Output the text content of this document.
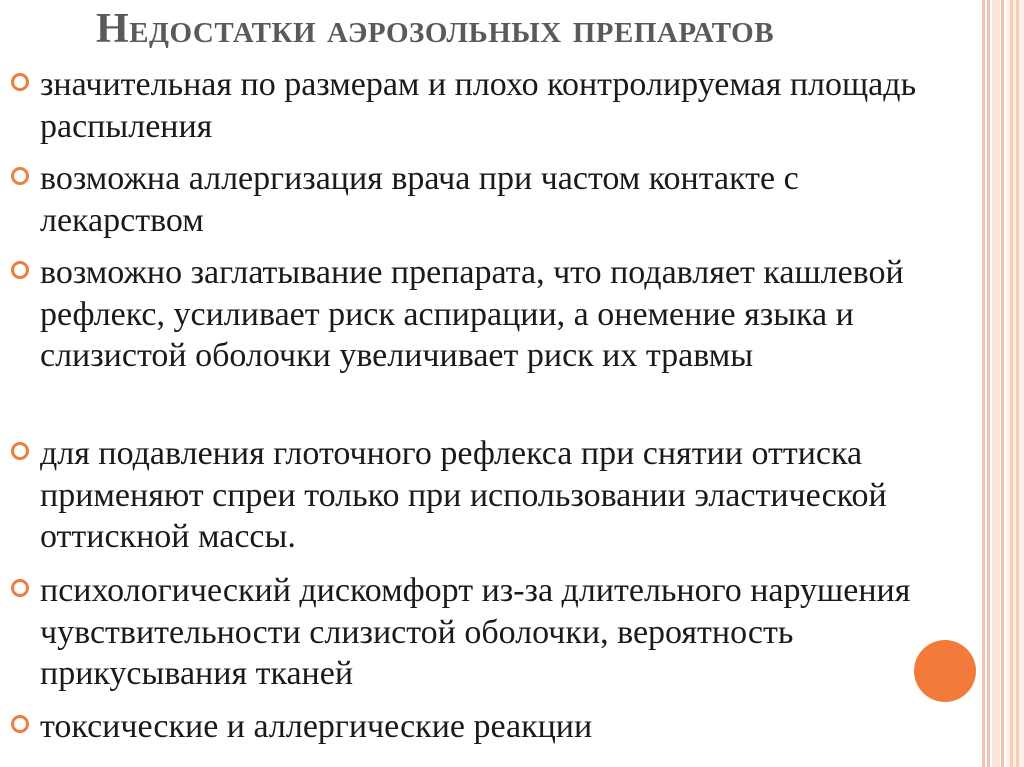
Недостатки аэрозольных препаратов
значительная по размерам и плохо контролируемая площадь распыления
возможна аллергизация врача при частом контакте с лекарством
возможно заглатывание препарата, что подавляет кашлевой рефлекс, усиливает риск аспирации, а онемение языка и слизистой оболочки увеличивает риск их травмы
для подавления глоточного рефлекса при снятии оттиска применяют спреи только при использовании эластической оттискной массы.
психологический дискомфорт из-за длительного нарушения чувствительности слизистой оболочки, вероятность прикусывания тканей
токсические и аллергические реакции
